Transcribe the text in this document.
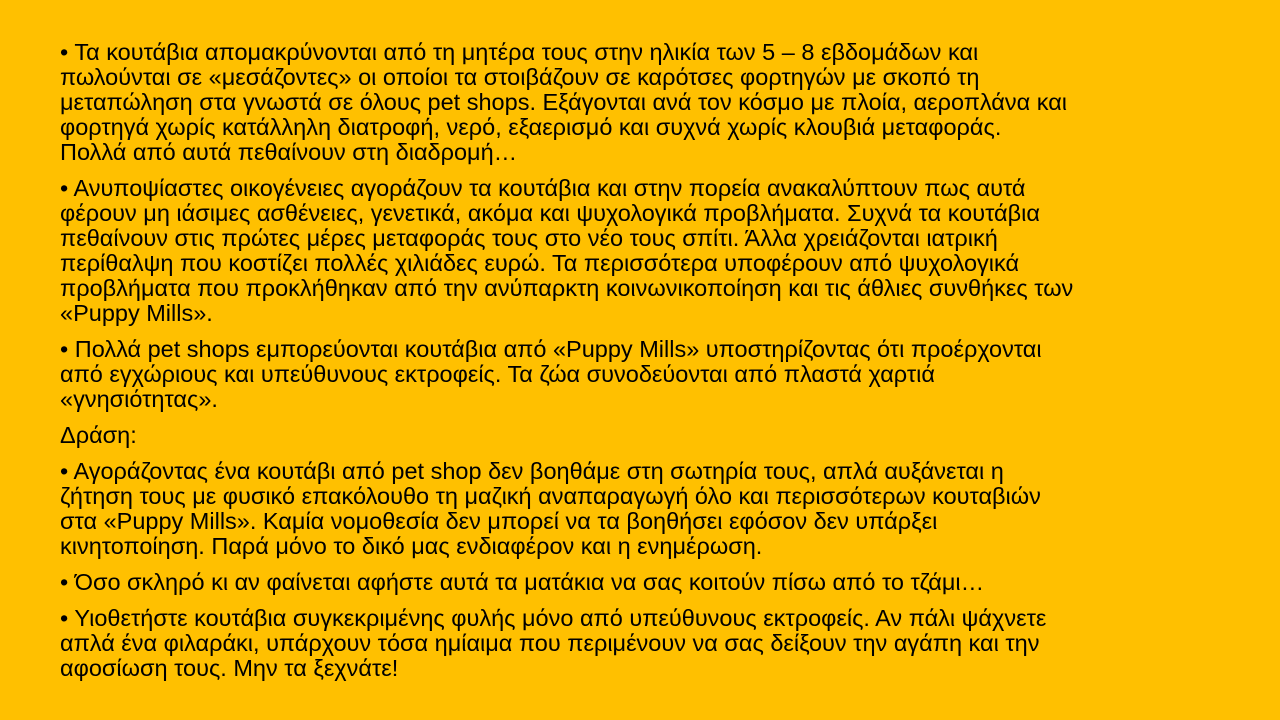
• Τα κουτάβια απομακρύνονται από τη μητέρα τους στην ηλικία των 5 – 8 εβδομάδων και
πωλούνται σε «μεσάζοντες» οι οποίοι τα στοιβάζουν σε καρότσες φορτηγών με σκοπό τη
μεταπώληση στα γνωστά σε όλους pet shops. Εξάγονται ανά τον κόσμο με πλοία, αεροπλάνα και
φορτηγά χωρίς κατάλληλη διατροφή, νερό, εξαερισμό και συχνά χωρίς κλουβιά μεταφοράς.
Πολλά από αυτά πεθαίνουν στη διαδρομή…

• Ανυποψίαστες οικογένειες αγοράζουν τα κουτάβια και στην πορεία ανακαλύπτουν πως αυτά
φέρουν μη ιάσιμες ασθένειες, γενετικά, ακόμα και ψυχολογικά προβλήματα. Συχνά τα κουτάβια
πεθαίνουν στις πρώτες μέρες μεταφοράς τους στο νέο τους σπίτι. Άλλα χρειάζονται ιατρική
περίθαλψη που κοστίζει πολλές χιλιάδες ευρώ. Τα περισσότερα υποφέρουν από ψυχολογικά
προβλήματα που προκλήθηκαν από την ανύπαρκτη κοινωνικοποίηση και τις άθλιες συνθήκες των
«Puppy Mills».

• Πολλά pet shops εμπορεύονται κουτάβια από «Puppy Mills» υποστηρίζοντας ότι προέρχονται
από εγχώριους και υπεύθυνους εκτροφείς. Τα ζώα συνοδεύονται από πλαστά χαρτιά
«γνησιότητας».

Δράση:

• Αγοράζοντας ένα κουτάβι από pet shop δεν βοηθάμε στη σωτηρία τους, απλά αυξάνεται η
ζήτηση τους με φυσικό επακόλουθο τη μαζική αναπαραγωγή όλο και περισσότερων κουταβιών
στα «Puppy Mills». Καμία νομοθεσία δεν μπορεί να τα βοηθήσει εφόσον δεν υπάρξει
κινητοποίηση. Παρά μόνο το δικό μας ενδιαφέρον και η ενημέρωση.

• Όσο σκληρό κι αν φαίνεται αφήστε αυτά τα ματάκια να σας κοιτούν πίσω από το τζάμι…

• Υιοθετήστε κουτάβια συγκεκριμένης φυλής μόνο από υπεύθυνους εκτροφείς. Αν πάλι ψάχνετε
απλά ένα φιλαράκι, υπάρχουν τόσα ημίαιμα που περιμένουν να σας δείξουν την αγάπη και την
αφοσίωση τους. Μην τα ξεχνάτε!
